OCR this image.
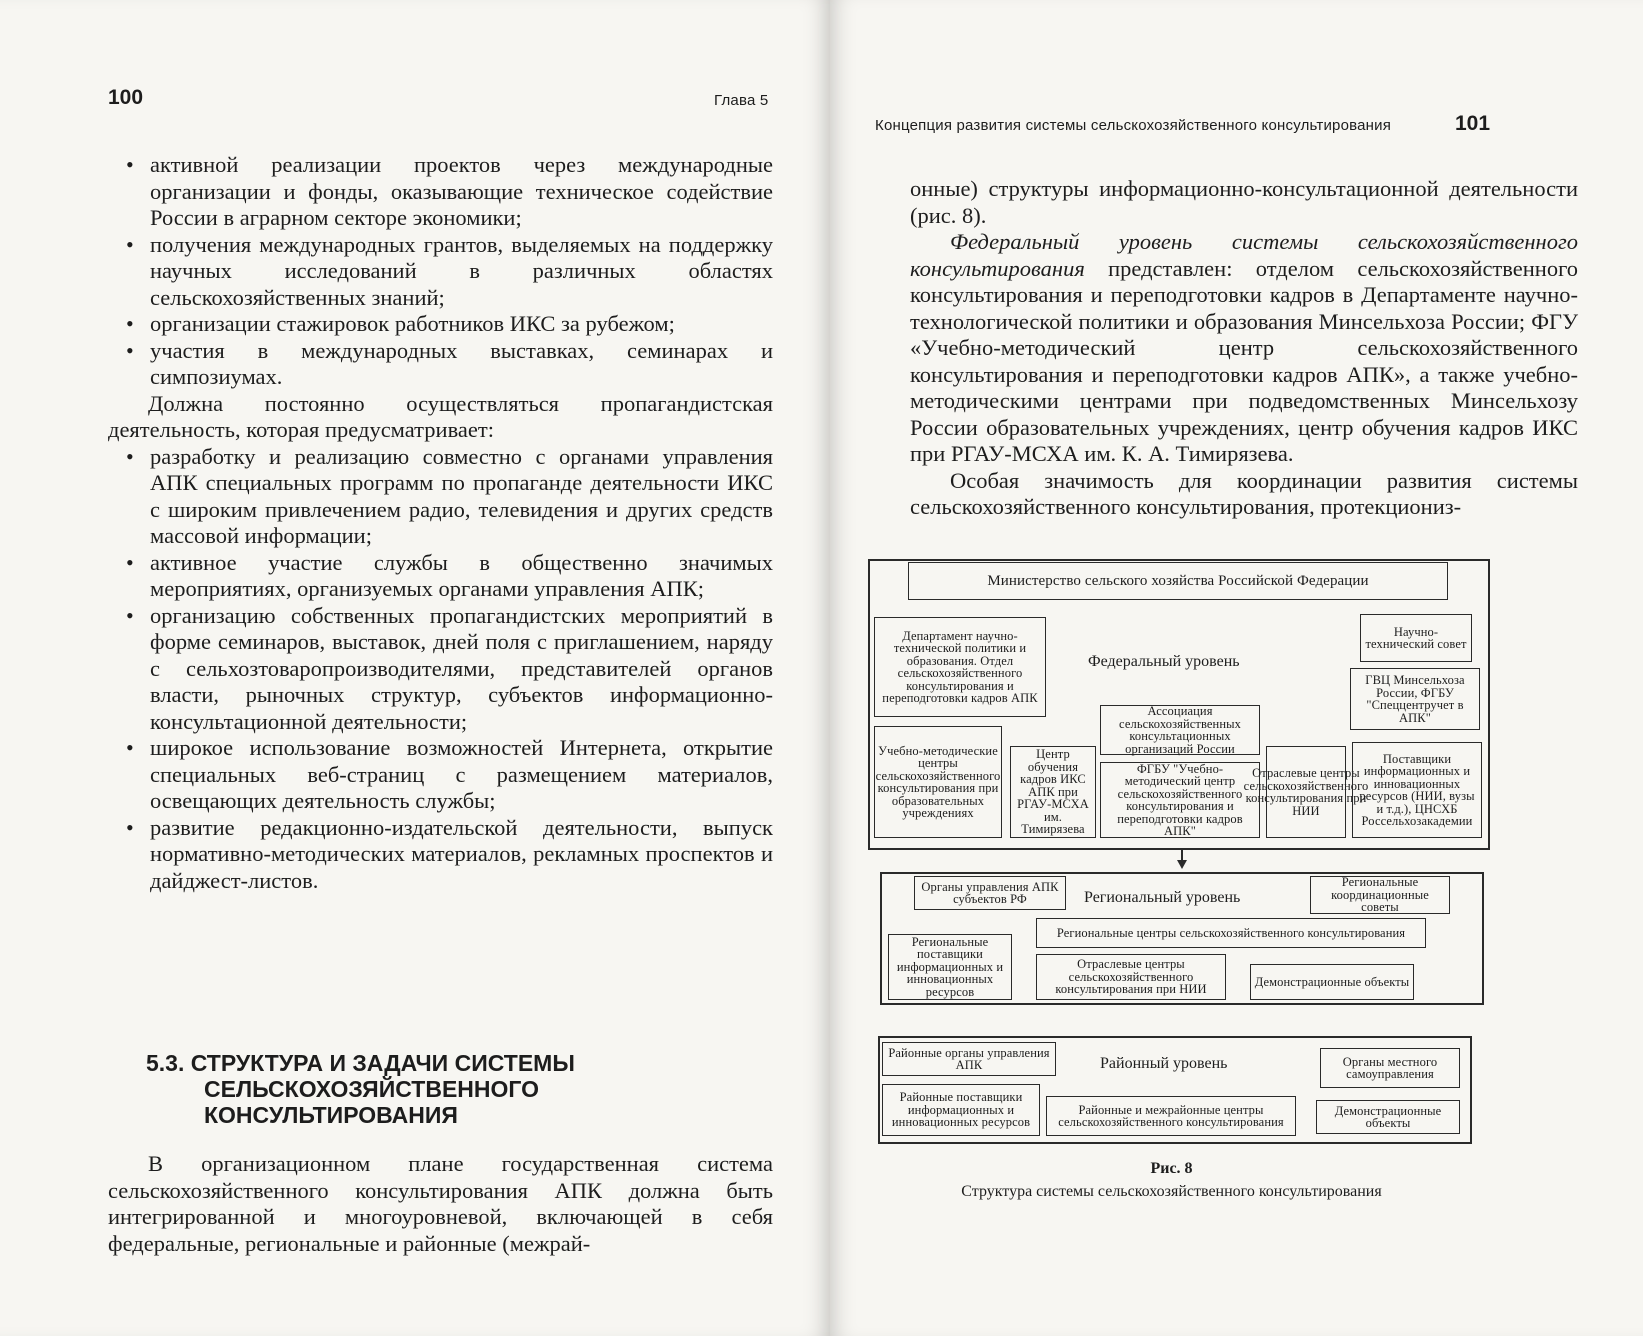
100	Глава 5
• активной реализации проектов через международные организации и фонды, оказывающие техническое содействие России в аграрном секторе экономики;
• получения международных грантов, выделяемых на поддержку научных исследований в различных областях сельскохозяйственных знаний;
• организации стажировок работников ИКС за рубежом;
• участия в международных выставках, семинарах и симпозиумах.

Должна постоянно осуществляться пропагандистская деятельность, которая предусматривает:

• разработку и реализацию совместно с органами управления АПК специальных программ по пропаганде деятельности ИКС с широким привлечением радио, телевидения и других средств массовой информации;
• активное участие службы в общественно значимых мероприятиях, организуемых органами управления АПК;
• организацию собственных пропагандистских мероприятий в форме семинаров, выставок, дней поля с приглашением, наряду с сельхозтоваропроизводителями, представителей органов власти, рыночных структур, субъектов информационно-консультационной деятельности;
• широкое использование возможностей Интернета, открытие специальных веб-страниц с размещением материалов, освещающих деятельность службы;
• развитие редакционно-издательской деятельности, выпуск нормативно-методических материалов, рекламных проспектов и дайджест-листов.
5.3. СТРУКТУРА И ЗАДАЧИ СИСТЕМЫ СЕЛЬСКОХОЗЯЙСТВЕННОГО КОНСУЛЬТИРОВАНИЯ

В организационном плане государственная система сельскохозяйственного консультирования АПК должна быть интегрированной и многоуровневой, включающей в себя федеральные, региональные и районные (межрай-

Концепция развития системы сельскохозяйственного консультирования	101

онные) структуры информационно-консультационной деятельности (рис. 8).

Федеральный уровень системы сельскохозяйственного консультирования представлен: отделом сельскохозяйственного консультирования и переподготовки кадров в Департаменте научно-технологической политики и образования Минсельхоза России; ФГУ «Учебно-методический центр сельскохозяйственного консультирования и переподготовки кадров АПК», а также учебно-методическими центрами при подведомственных Минсельхозу России образовательных учреждениях, центр обучения кадров ИКС при РГАУ-МСХА им. К. А. Тимирязева.

Особая значимость для координации развития системы сельскохозяйственного консультирования, протекциониз-

Министерство сельского хозяйства Российской Федерации
Федеральный уровень
Департамент научно-технической политики и образования. Отдел сельскохозяйственного консультирования и переподготовки кадров АПК
Научно-технический совет
ГВЦ Минсельхоза России, ФГБУ "Спеццентручет в АПК"
Ассоциация сельскохозяйственных консультационных организаций России
Учебно-методические центры сельскохозяйственного консультирования при образовательных учреждениях
Центр обучения кадров ИКС АПК при РГАУ-МСХА им. Тимирязева
ФГБУ "Учебно-методический центр сельскохозяйственного консультирования и переподготовки кадров АПК"
Отраслевые центры сельскохозяйственного консультирования при НИИ
Поставщики информационных и инновационных ресурсов (НИИ, вузы и т.д.), ЦНСХБ Россельхозакадемии
Органы управления АПК субъектов РФ	Региональный уровень
Региональные координационные советы
Региональные центры сельскохозяйственного консультирования
Региональные поставщики информационных и инновационных ресурсов
Отраслевые центры сельскохозяйственного консультирования при НИИ
Демонстрационные объекты
Районные органы управления АПК	Районный уровень	Органы местного самоуправления
Районные поставщики информационных и инновационных ресурсов
Районные и межрайонные центры сельскохозяйственного консультирования
Демонстрационные объекты
Рис. 8
Структура системы сельскохозяйственного консультирования
